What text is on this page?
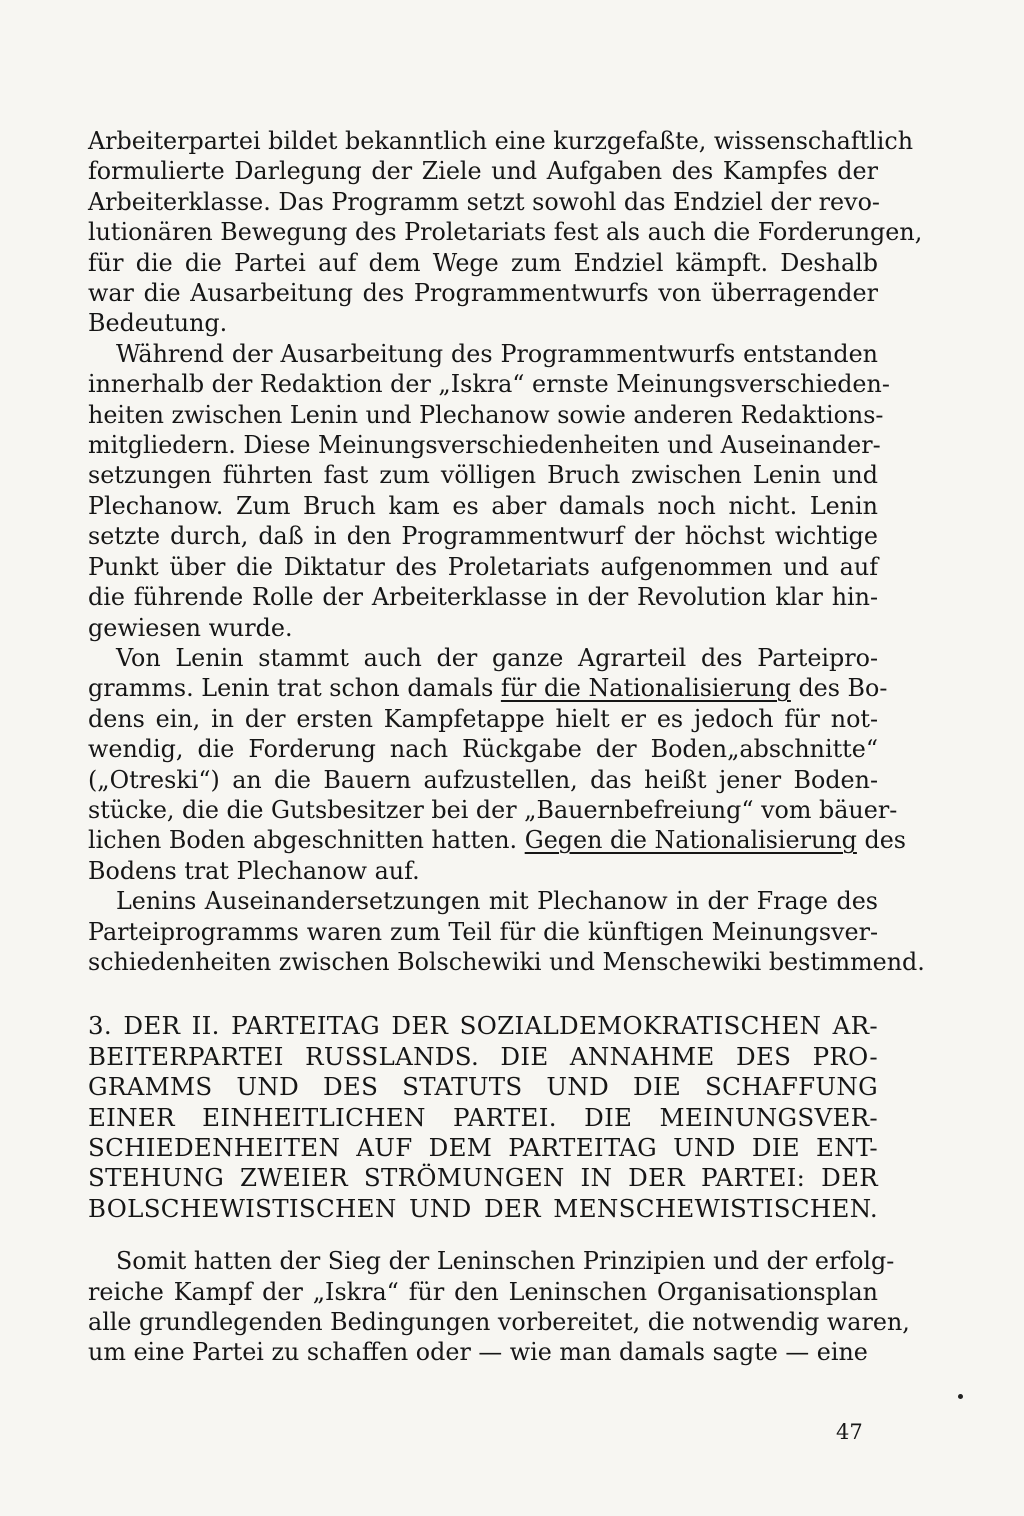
Arbeiterpartei bildet bekanntlich eine kurzgefaßte, wissenschaftlich
formulierte Darlegung der Ziele und Aufgaben des Kampfes der
Arbeiterklasse. Das Programm setzt sowohl das Endziel der revo-
lutionären Bewegung des Proletariats fest als auch die Forderungen,
für die die Partei auf dem Wege zum Endziel kämpft. Deshalb
war die Ausarbeitung des Programmentwurfs von überragender
Bedeutung.

Während der Ausarbeitung des Programmentwurfs entstanden
innerhalb der Redaktion der „Iskra“ ernste Meinungsverschieden-
heiten zwischen Lenin und Plechanow sowie anderen Redaktions-
mitgliedern. Diese Meinungsverschiedenheiten und Auseinander-
setzungen führten fast zum völligen Bruch zwischen Lenin und
Plechanow. Zum Bruch kam es aber damals noch nicht. Lenin
setzte durch, daß in den Programmentwurf der höchst wichtige
Punkt über die Diktatur des Proletariats aufgenommen und auf
die führende Rolle der Arbeiterklasse in der Revolution klar hin-
gewiesen wurde.

Von Lenin stammt auch der ganze Agrarteil des Parteipro-
gramms. Lenin trat schon damals für die Nationalisierung des Bo-
dens ein, in der ersten Kampfetappe hielt er es jedoch für not-
wendig, die Forderung nach Rückgabe der Boden„abschnitte“
(„Otreski“) an die Bauern aufzustellen, das heißt jener Boden-
stücke, die die Gutsbesitzer bei der „Bauernbefreiung“ vom bäuer-
lichen Boden abgeschnitten hatten. Gegen die Nationalisierung des
Bodens trat Plechanow auf.

Lenins Auseinandersetzungen mit Plechanow in der Frage des
Parteiprogramms waren zum Teil für die künftigen Meinungsver-
schiedenheiten zwischen Bolschewiki und Menschewiki bestimmend.

3. DER II. PARTEITAG DER SOZIALDEMOKRATISCHEN AR-
BEITERPARTEI RUSSLANDS. DIE ANNAHME DES PRO-
GRAMMS UND DES STATUTS UND DIE SCHAFFUNG
EINER EINHEITLICHEN PARTEI. DIE MEINUNGSVER-
SCHIEDENHEITEN AUF DEM PARTEITAG UND DIE ENT-
STEHUNG ZWEIER STRÖMUNGEN IN DER PARTEI: DER
BOLSCHEWISTISCHEN UND DER MENSCHEWISTISCHEN.

Somit hatten der Sieg der Leninschen Prinzipien und der erfolg-
reiche Kampf der „Iskra“ für den Leninschen Organisationsplan
alle grundlegenden Bedingungen vorbereitet, die notwendig waren,
um eine Partei zu schaffen oder — wie man damals sagte — eine

47
